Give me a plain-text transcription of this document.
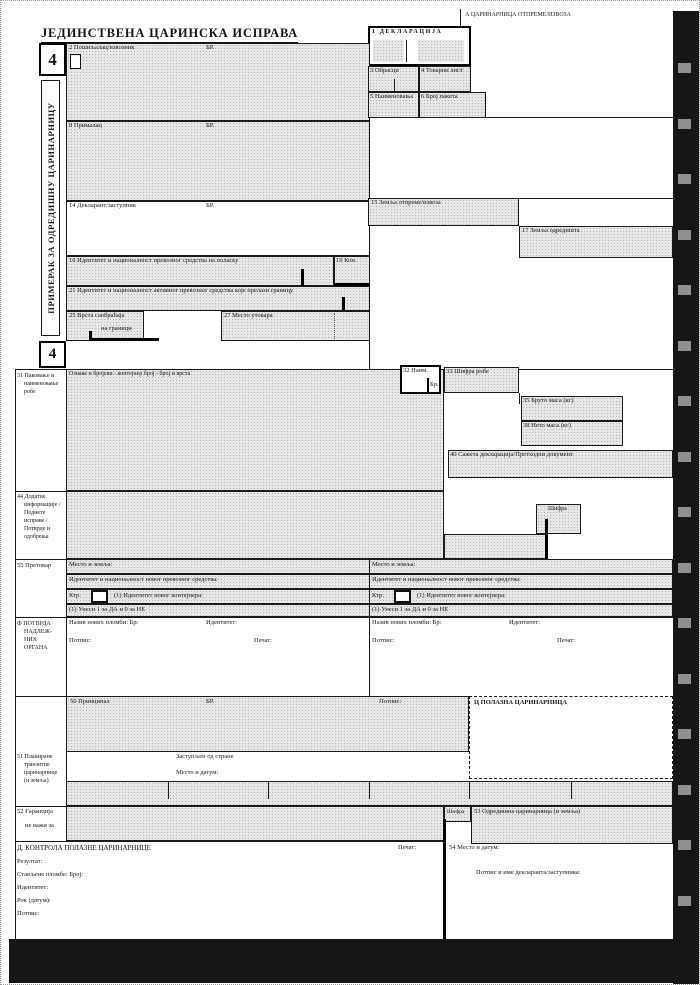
ЈЕДИНСТВЕНА ЦАРИНСКА ИСПРАВА
А ЦАРИНАРНИЦА ОТПРЕМЕ/ИЗВОЗА
4
ПРИМЕРАК ЗА ОДРЕДИШНУ ЦАРИНАРНИЦУ
4
1 ДЕКЛАРАЦИЈА
2 Пошиљалац/извозник	БР.
3 Обрасци	4 Товарни лист
5 Наименовања 6 Број пакета
8 Прималац	БР.
14 Декларант/заступник	БР.	15 Земља отпреме/извоза
17 Земља одредишта
18 Идентитет и националност превозног средства на поласку	19 Кон.
21 Идентитет и националност активног превозног средства које прелази границу
25 Врста саобраћаја
на граници
27 Место утовара
31 Паковање и
наименовање
робе
Ознаке и бројеви - контејнер број - број и врста	32 Наим.
Бр.
33 Шифра робе
35 Бруто маса (кг)
38 Нето маса (кг)
40 Сажета декларација/Претходни документ
44 Додатне
информације /
Поднете
исправе /
Потврде и
одобрења
Шифра
55 Претовар	Место и земља:	Место и земља:
Идентитет и националност новог превозног средства:	Идентитет и националност новог превозног средства:
Ктр.	(1) Идентитет новог контејнера:	Ктр.	(1) Идентитет новог контејнера:
(1) Унеси 1 за ДА и 0 за НЕ	(1) Унеси 1 за ДА и 0 за НЕ
Ф ПОТВРДА
НАДЛЕЖ-
НИХ
ОРГАНА
Назив нових пломби: Бр:	Идентитет:
Потпис:	Печат:
Назив нових пломби: Бр:	Идентитет:
Потпис:	Печат:
50 Принципал	БР.	Потпис:
Заступљен од стране
Место и датум:
Ц ПОЛАЗНА ЦАРИНАРНИЦА
51 Планиране
транзитне
царинарнице
(и земља)
52 Гаранција
не важи за
Шифра 53 Одредишна царинарница (и земља)
Д. КОНТРОЛА ПОЛАЗНЕ ЦАРИНАРНИЦЕ	Печат:	54 Место и датум:
Резултат:
Стављене пломбе: Број:
Идентитет:
Рок (датум):
Потпис:
Потпис и име декларанта/заступника:
